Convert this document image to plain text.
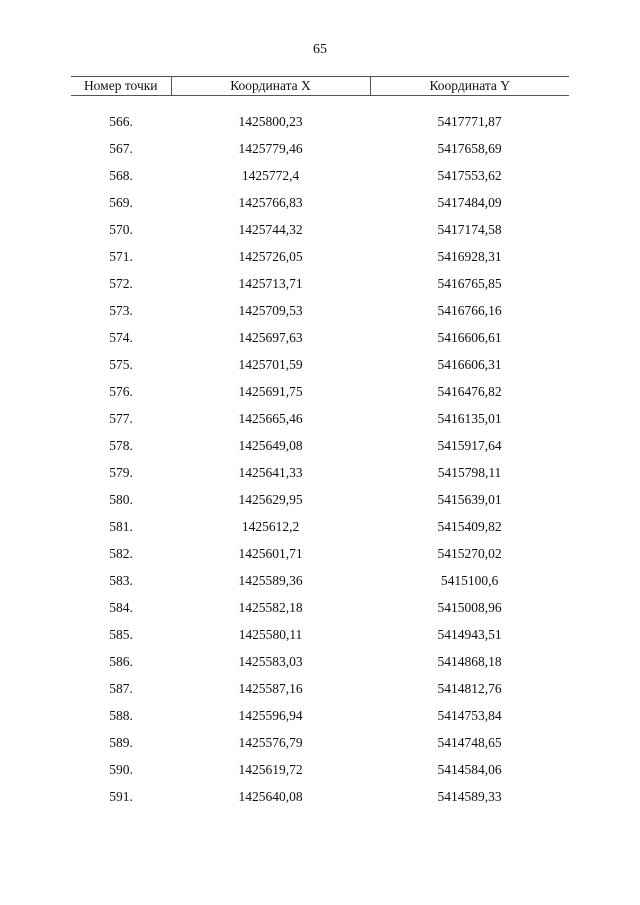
65
Номер точки	Координата X	Координата Y

566.	1425800,23	5417771,87
567.	1425779,46	5417658,69
568.	1425772,4	5417553,62
569.	1425766,83	5417484,09
570.	1425744,32	5417174,58
571.	1425726,05	5416928,31
572.	1425713,71	5416765,85
573.	1425709,53	5416766,16
574.	1425697,63	5416606,61
575.	1425701,59	5416606,31
576.	1425691,75	5416476,82
577.	1425665,46	5416135,01
578.	1425649,08	5415917,64
579.	1425641,33	5415798,11
580.	1425629,95	5415639,01
581.	1425612,2	5415409,82
582.	1425601,71	5415270,02
583.	1425589,36	5415100,6
584.	1425582,18	5415008,96
585.	1425580,11	5414943,51
586.	1425583,03	5414868,18
587.	1425587,16	5414812,76
588.	1425596,94	5414753,84
589.	1425576,79	5414748,65
590.	1425619,72	5414584,06
591.	1425640,08	5414589,33
